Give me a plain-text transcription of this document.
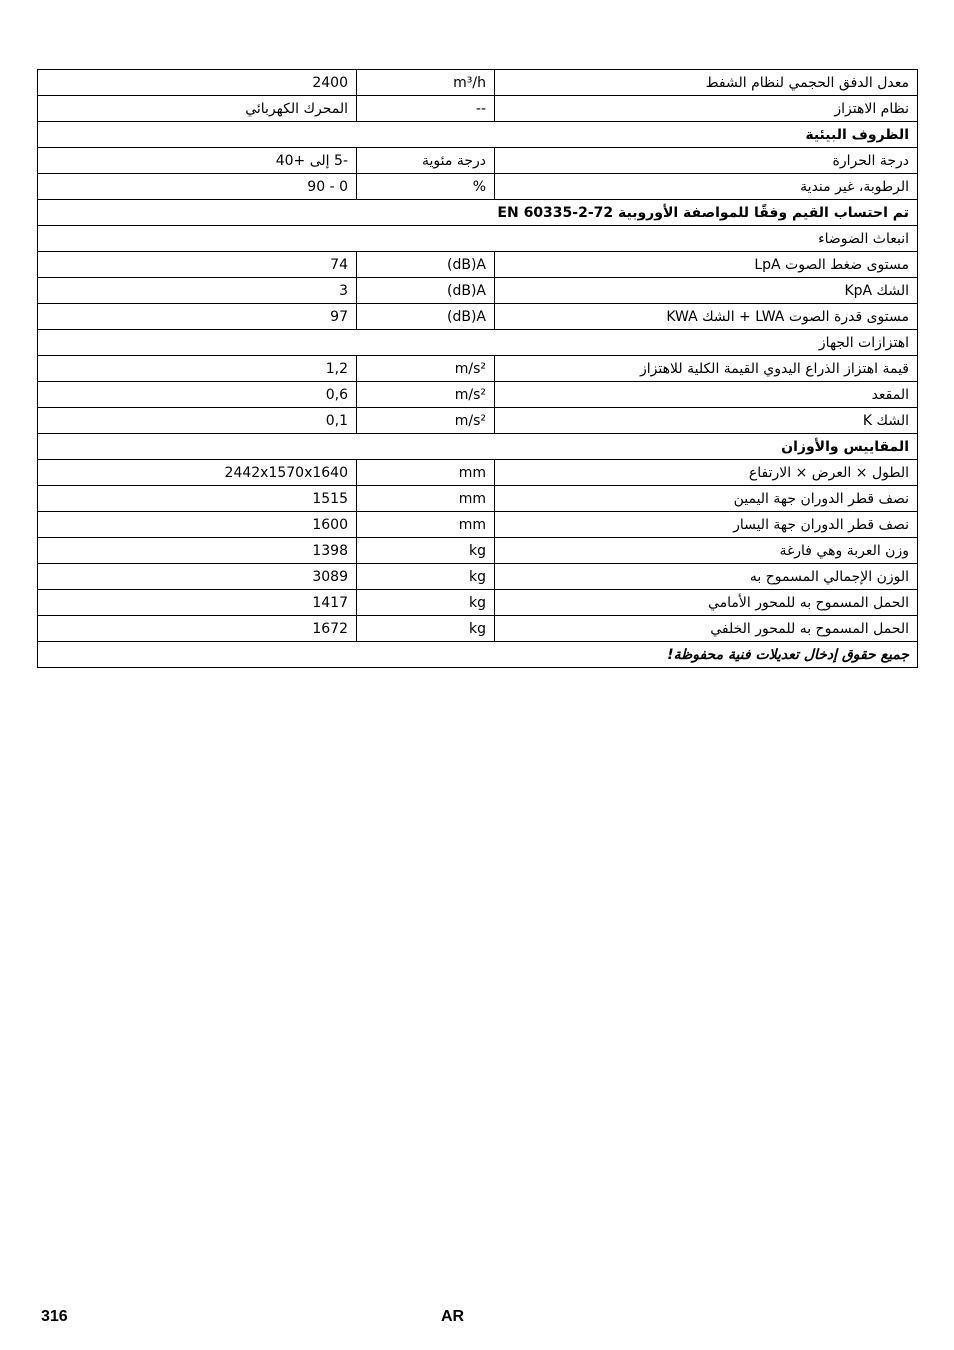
2400	m³/h	معدل الدفق الحجمي لنظام الشفط
المحرك الكهربائي	--	نظام الاهتزاز
الظروف البيئية		
-5 إلى +40	درجة مئوية	درجة الحرارة
0 - 90	%	الرطوبة، غير مندية
تم احتساب القيم وفقًا للمواصفة الأوروبية EN 60335-2-72		
انبعاث الضوضاء		
74	(dB)A	مستوى ضغط الصوت LpA
3	(dB)A	الشك KpA
97	(dB)A	مستوى قدرة الصوت LWA + الشك KWA
اهتزازات الجهاز		
1,2	m/s²	قيمة اهتزاز الذراع اليدوي القيمة الكلية للاهتزاز
0,6	m/s²	المقعد
0,1	m/s²	الشك K
المقاييس والأوزان		
2442x1570x1640	mm	الطول × العرض × الارتفاع
1515	mm	نصف قطر الدوران جهة اليمين
1600	mm	نصف قطر الدوران جهة اليسار
1398	kg	وزن العربة وهي فارغة
3089	kg	الوزن الإجمالي المسموح به
1417	kg	الحمل المسموح به للمحور الأمامي
1672	kg	الحمل المسموح به للمحور الخلفي
جميع حقوق إدخال تعديلات فنية محفوظة!		
316	AR
